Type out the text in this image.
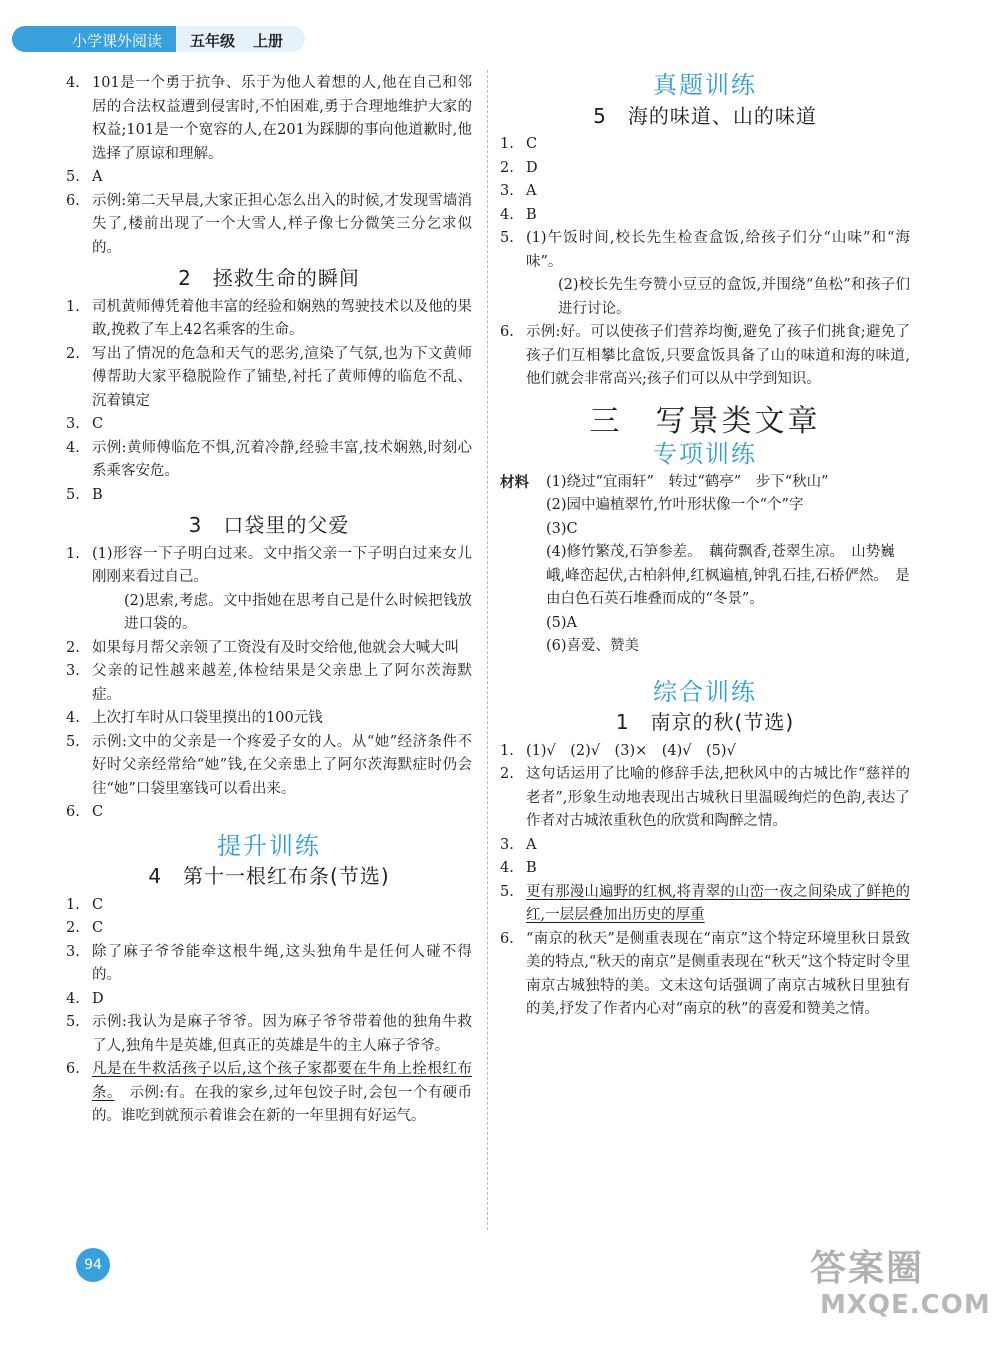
小学课外阅读	五年级 上册
4. 101是一个勇于抗争、乐于为他人着想的人,他在自己和邻居的合法权益遭到侵害时,不怕困难,勇于合理地维护大家的权益;101是一个宽容的人,在201为踩脚的事向他道歉时,他选择了原谅和理解。
5. A
6. 示例:第二天早晨,大家正担心怎么出入的时候,才发现雪墙消失了,楼前出现了一个大雪人,样子像七分微笑三分乞求似的。
2　拯救生命的瞬间
1. 司机黄师傅凭着他丰富的经验和娴熟的驾驶技术以及他的果敢,挽救了车上42名乘客的生命。
2. 写出了情况的危急和天气的恶劣,渲染了气氛,也为下文黄师傅帮助大家平稳脱险作了铺垫,衬托了黄师傅的临危不乱、沉着镇定
3. C
4. 示例:黄师傅临危不惧,沉着冷静,经验丰富,技术娴熟,时刻心系乘客安危。
5. B
3　口袋里的父爱
1. (1)形容一下子明白过来。文中指父亲一下子明白过来女儿刚刚来看过自己。
(2)思索,考虑。文中指她在思考自己是什么时候把钱放进口袋的。
2. 如果每月帮父亲领了工资没有及时交给他,他就会大喊大叫
3. 父亲的记性越来越差,体检结果是父亲患上了阿尔茨海默症。
4. 上次打车时从口袋里摸出的100元钱
5. 示例:文中的父亲是一个疼爱子女的人。从“她”经济条件不好时父亲经常给“她”钱,在父亲患上了阿尔茨海默症时仍会往“她”口袋里塞钱可以看出来。
6. C
提升训练
4　第十一根红布条(节选)
1. C
2. C
3. 除了麻子爷爷能牵这根牛绳,这头独角牛是任何人碰不得的。
4. D
5. 示例:我认为是麻子爷爷。因为麻子爷爷带着他的独角牛救了人,独角牛是英雄,但真正的英雄是牛的主人麻子爷爷。
6. 凡是在牛救活孩子以后,这个孩子家都要在牛角上拴根红布条。　示例:有。在我的家乡,过年包饺子时,会包一个有硬币的。谁吃到就预示着谁会在新的一年里拥有好运气。
真题训练
5　海的味道、山的味道
1. C
2. D
3. A
4. B
5. (1)午饭时间,校长先生检查盒饭,给孩子们分“山味”和“海味”。
(2)校长先生夸赞小豆豆的盒饭,并围绕“鱼松”和孩子们进行讨论。
6. 示例:好。可以使孩子们营养均衡,避免了孩子们挑食;避免了孩子们互相攀比盒饭,只要盒饭具备了山的味道和海的味道,他们就会非常高兴;孩子们可以从中学到知识。
三　写景类文章
专项训练
材料	(1)绕过“宜雨轩”　转过“鹤亭”　步下“秋山”
(2)园中遍植翠竹,竹叶形状像一个“个”字
(3)C
(4)修竹繁茂,石笋参差。　藕荷飘香,苍翠生凉。　山势巍峨,峰峦起伏,古柏斜伸,红枫遍植,钟乳石挂,石桥俨然。　是由白色石英石堆叠而成的“冬景”。
(5)A
(6)喜爱、赞美
综合训练
1　南京的秋(节选)
1. (1)√　(2)√　(3)×　(4)√　(5)√
2. 这句话运用了比喻的修辞手法,把秋风中的古城比作“慈祥的老者”,形象生动地表现出古城秋日里温暖绚烂的色韵,表达了作者对古城浓重秋色的欣赏和陶醉之情。
3. A
4. B
5. 更有那漫山遍野的红枫,将青翠的山峦一夜之间染成了鲜艳的红,一层层叠加出历史的厚重
6. “南京的秋天”是侧重表现在“南京”这个特定环境里秋日景致美的特点,“秋天的南京”是侧重表现在“秋天”这个特定时令里南京古城独特的美。文末这句话强调了南京古城秋日里独有的美,抒发了作者内心对“南京的秋”的喜爱和赞美之情。
94	答案圈
MXQE.COM
